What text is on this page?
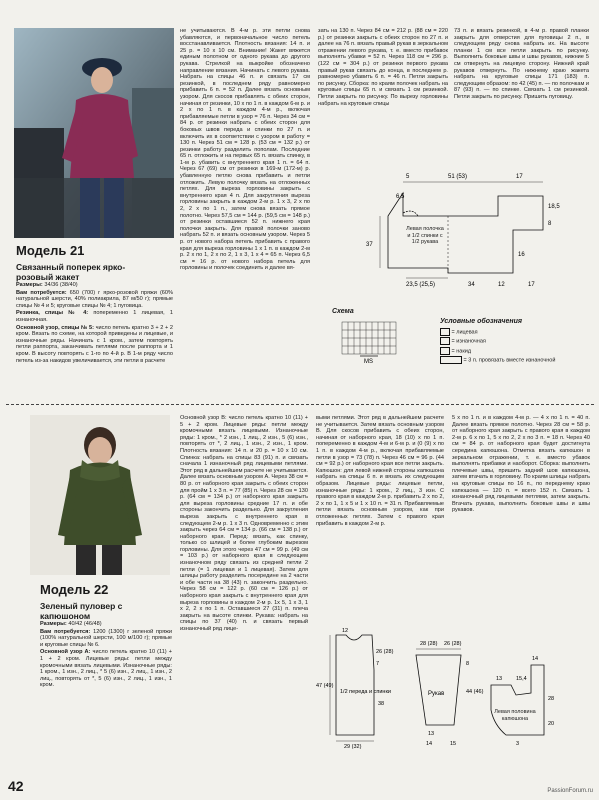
Модель 21
Связанный поперек ярко-розовый жакет

Размеры: 34/36 (38/40)

Вам потребуется: 650 (700) г ярко-розовой пряжи (60% натуральной шерсти, 40% полиакрила, 87 м/50 г); прямые спицы № 4 и 5; круговые спицы № 4; 1 пуговица.

Резинка, спицы № 4: попеременно 1 лицевая, 1 изнаночная.

Основной узор, спицы № 5: число петель кратно 3 + 2 + 2 кром. Вязать по схеме, на которой приведены и лицевые, и изнаночные ряды. Начинать с 1 кром., затем повторять петли раппорта, заканчивать петлями после раппорта и 1 кром. В высоту повторять с 1-го по 4-й р. В 1-м ряду число петель из-за накидов увеличивается, эти петли в расчете

не учитываются. В 4-м р. эти петли снова убавляются, и первоначальное число петель восстанавливается. Плотность вязания: 14 п. и 25 р. = 10 х 10 см. Внимание! Жакет вяжется единым полотном от одного рукава до другого рукава. Стрелкой на выкройке обозначено направление вязания. Начинать с левого рукава. Набрать на спицы 46 п. и связать 17 см резинкой, в последнем ряду равномерно прибавить 6 п. = 52 п. Далее вязать основным узором. Для скосов прибавлять с обеих сторон, начиная от резинки, 10 х по 1 п. в каждом 6-м р. и 2 х по 1 п. в каждом 4-м р., включая прибавляемые петли в узор = 76 п. Через 34 см = 84 р. от резинки набрать с обеих сторон для боковых швов переда и спинки по 27 п. и включить их в соответствии с узором в работу = 130 п. Через 51 см = 128 р. (53 см = 132 р.) от резинки работу разделить пополам. Последние 65 п. отложить и на первых 65 п. вязать спинку, в 1-м р. убавить с внутреннего края 1 п. = 64 п. Через 67 (69) см от резинки в 169-м (172-м) р. убавленную петлю снова прибавить и петли отложить. Левую полочку вязать на отложенных петлях. Для выреза горловины закрыть с внутреннего края 4 п. Для закругления выреза горловины закрыть в каждом 2-м р. 1 х 3, 2 х по 2, 2 х по 1 п., затем снова вязать прямое полотно. Через 57,5 см = 144 р. (59,5 см = 148 р.) от резинки оставшиеся 52 п. нижнего края полочки закрыть. Для правой полочки заново набрать 52 п. и вязать основным узором. Через 5 р. от нового набора петель прибавить с правого края для выреза горловины 1 х 1 п. в каждом 2-м р. 2 х по 1, 2 х по 2, 1 х 3, 1 х 4 = 65 п. Через 6,5 см = 16 р. от нового набора петель для горловины и полочек соединить и далее вя-
зать на 130 п. Через 84 см = 212 р. (88 см = 220 р.) от резинки закрыть с обеих сторон по 27 п. и далее на 76 п. вязать правый рукав в зеркальном отражении левого рукава, т. е. вместо прибавок выполнять убавки = 52 п. Через 118 см = 296 р. (122 см = 304 р.) от резинки первого рукава правый рукав связать до конца, в последнем р. равномерно убавить 6 п. = 46 п. Петли закрыть по рисунку. Сборка: по краям полочек набрать на круговые спицы 65 п. и связать 1 см резинкой. Петли закрыть по рисунку. По вырезу горловины набрать на круговые спицы
73 п. и вязать резинкой, в 4-м р. правой планки закрыть для отверстия для пуговицы 2 п., в следующем ряду снова набрать их. На высоте планки 1 см все петли закрыть по рисунку. Выполнить боковые швы и швы рукавов, нижние 5 см отвернуть на лицевую сторону. Нижний край рукавов отвернуть. По нижнему краю жакета набрать на круговые спицы 171 (183) п. следующим образом: по 42 (45) п. — по полочкам и 87 (93) п. — по спинке. Связать 1 см резинкой. Петли закрыть по рисунку. Пришить пуговицу.
5
6,5
51 (53)	17
18,5
8
16
37
23,5 (25,5)	34	12	17
Левая полочка и 1/2 спинки с 1/2 рукава
Схема
MS
Условные обозначения
= лицевая
= изнаночная
= накид
= 3 п. провязать вместе изнаночной
Модель 22
Зеленый пуловер с капюшоном

Размеры: 40/42 (46/48)

Вам потребуется: 1200 (1300) г зеленой пряжи (100% натуральной шерсти, 100 м/100 г); прямые и круговые спицы № 6.

Основной узор А: число петель кратно 10 (11) + 1 + 2 кром. Лицевые ряды: петли между кромочными вязать лицевыми. Изнаночные ряды: 1 кром., 1 изн., 2 лиц., * 5 (6) изн., 2 лиц., 1 изн., 2 лиц., повторять от *, 5 (6) изн., 2 лиц., 1 изн., 1 кром.

Основной узор В: число петель кратно 10 (11) + 5 + 2 кром. Лицевые ряды: петли между кромочными вязать лицевыми. Изнаночные ряды: 1 кром., * 2 изн., 1 лиц., 2 изн., 5 (6) изн., повторять от *, 2 лиц., 1 изн., 2 изн., 1 кром. Плотность вязания: 14 п. и 20 р. = 10 х 10 см. Спинка: набрать на спицы 83 (91) п. и связать сначала 1 изнаночный ряд лицевыми петлями. Этот ряд в дальнейшем расчете не учитывается. Далее вязать основным узором А. Через 38 см = 80 р. от наборного края закрыть с обеих сторон для пройм 1 х 3 п. = 77 (85) п. Через 28 см = 130 р. (64 см = 134 р.) от наборного края закрыть для выреза горловины средние 17 п. и обе стороны закончить раздельно. Для закругления выреза закрыть с внутреннего края в следующем 2-м р. 1 х 3 п. Одновременно с этим закрыть через 64 см = 134 р. (66 см = 138 р.) от наборного края. Перед: вязать, как спинку, только со шлицей и более глубоким вырезом горловины. Для этого через 47 см = 99 р. (49 см = 103 р.) от наборного края в следующем изнаночном ряду связать из средней петли 2 петли (= 1 лицевая и 1 лицевая). Затем для шлицы работу разделить посередине на 2 части и обе части на 38 (43) п. закончить раздельно. Через 58 см = 122 р. (60 см = 126 р.) от наборного края закрыть с внутреннего края для выреза горловины в каждом 2-м р. 1х 5, 1 х 3, 1 х 2, 2 х по 1 п. Оставшиеся 27 (31) п. плеча закрыть на высоте спинки. Рукава: набрать на спицы по 37 (40) п. и связать первый изнаночный ряд лице-
выми петлями. Этот ряд в дальнейшем расчете не учитывается. Затем вязать основным узором В. Для скосов прибавить с обеих сторон, начиная от наборного края, 18 (10) х по 1 п. попеременно в каждом 4-м и 6-м р. и (0 (9) х по 1 п. в каждом 4-м р., включая прибавляемые петли в узор = 73 (78) п. Через 46 см = 96 р. (44 см = 92 р.) от наборного края все петли закрыть. Капюшон: для левой нижней стороны капюшона набрать на спицы 6 п. и вязать их следующим образом. Лицевые ряды: лицевые петли, изнаночные ряды: 1 кром., 2 лиц., 3 изн. С правого края в каждом 2-м р. прибавить 2 х по 2, 2 х по 1, 1 х 5 и 1 х 10 п. = 31 п. Прибавляемые петли вязать основным узором, как при отложенных петлях. Затем с правого края прибавить в каждом 2-м р.
5 х по 1 п. и в каждом 4-м р. — 4 х по 1 п. = 40 п. Далее вязать прямое полотно. Через 28 см = 58 р. от наборного края закрыть с правого края в каждом 2-м р. 6 х по 1, 5 х по 2, 2 х по 3 п. = 18 п. Через 40 см = 84 р. от наборного края будет достигнута середина капюшона. Отметка вязать капюшон в зеркальном отражении, т. е. вместо убавок выполнять прибавки и наоборот. Сборка: выполнить плечевые швы, пришить задний шов капюшона, затем втачать в горловину. По краям шлицы набрать на круговые спицы по 16 п., по переднему краю капюшона — 120 п. = всего 152 п. Связать 1 изнаночный ряд лицевыми петлями, затем закрыть. Втачать рукава, выполнить боковые швы и швы рукавов.
1/2 переда и спинки
12
26 (28)
7
47 (49)
38
29 (32)
Рукав
8
44 (46)
28 (28) 26 (28)
13
14	15
Левая половина капюшона
13	15,4
14
28
20
3
42	PassionForum.ru
